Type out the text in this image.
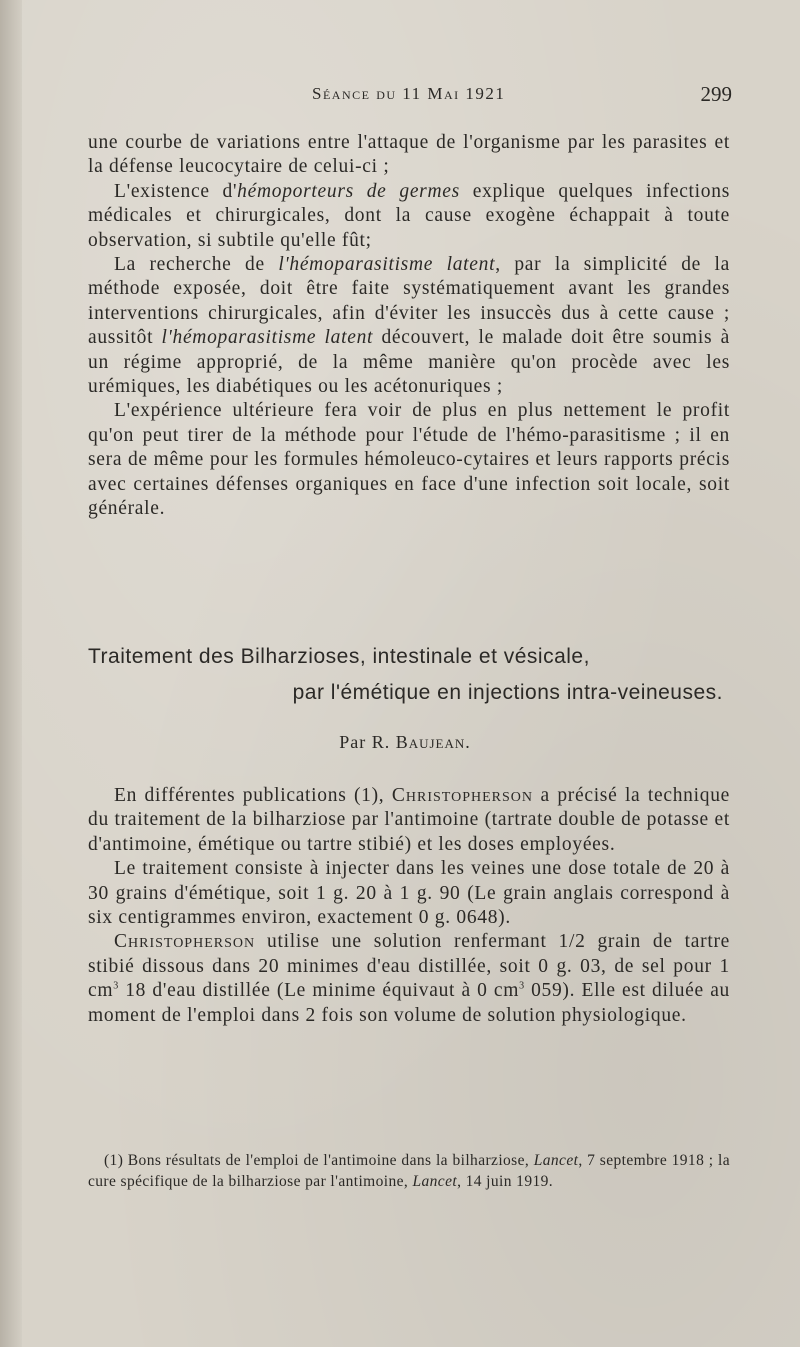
Séance du 11 Mai 1921	299

une courbe de variations entre l'attaque de l'organisme par les parasites et la défense leucocytaire de celui-ci ;

L'existence d'hémoporteurs de germes explique quelques infections médicales et chirurgicales, dont la cause exogène échappait à toute observation, si subtile qu'elle fût;

La recherche de l'hémoparasitisme latent, par la simplicité de la méthode exposée, doit être faite systématiquement avant les grandes interventions chirurgicales, afin d'éviter les insuccès dus à cette cause ; aussitôt l'hémoparasitisme latent découvert, le malade doit être soumis à un régime approprié, de la même manière qu'on procède avec les urémiques, les diabétiques ou les acétonuriques ;

L'expérience ultérieure fera voir de plus en plus nettement le profit qu'on peut tirer de la méthode pour l'étude de l'hémo-parasitisme ; il en sera de même pour les formules hémoleuco-cytaires et leurs rapports précis avec certaines défenses organiques en face d'une infection soit locale, soit générale.

Traitement des Bilharzioses, intestinale et vésicale,
par l'émétique en injections intra-veineuses.
Par R. Baujean.

En différentes publications (1), Christopherson a précisé la technique du traitement de la bilharziose par l'antimoine (tartrate double de potasse et d'antimoine, émétique ou tartre stibié) et les doses employées.

Le traitement consiste à injecter dans les veines une dose totale de 20 à 30 grains d'émétique, soit 1 g. 20 à 1 g. 90 (Le grain anglais correspond à six centigrammes environ, exactement 0 g. 0648).

Christopherson utilise une solution renfermant 1/2 grain de tartre stibié dissous dans 20 minimes d'eau distillée, soit 0 g. 03, de sel pour 1 $cm^3$ 18 d'eau distillée (Le minime équivaut à 0 $cm^3$ 059). Elle est diluée au moment de l'emploi dans 2 fois son volume de solution physiologique.

(1) Bons résultats de l'emploi de l'antimoine dans la bilharziose, Lancet, 7 septembre 1918 ; la cure spécifique de la bilharziose par l'antimoine, Lancet, 14 juin 1919.
